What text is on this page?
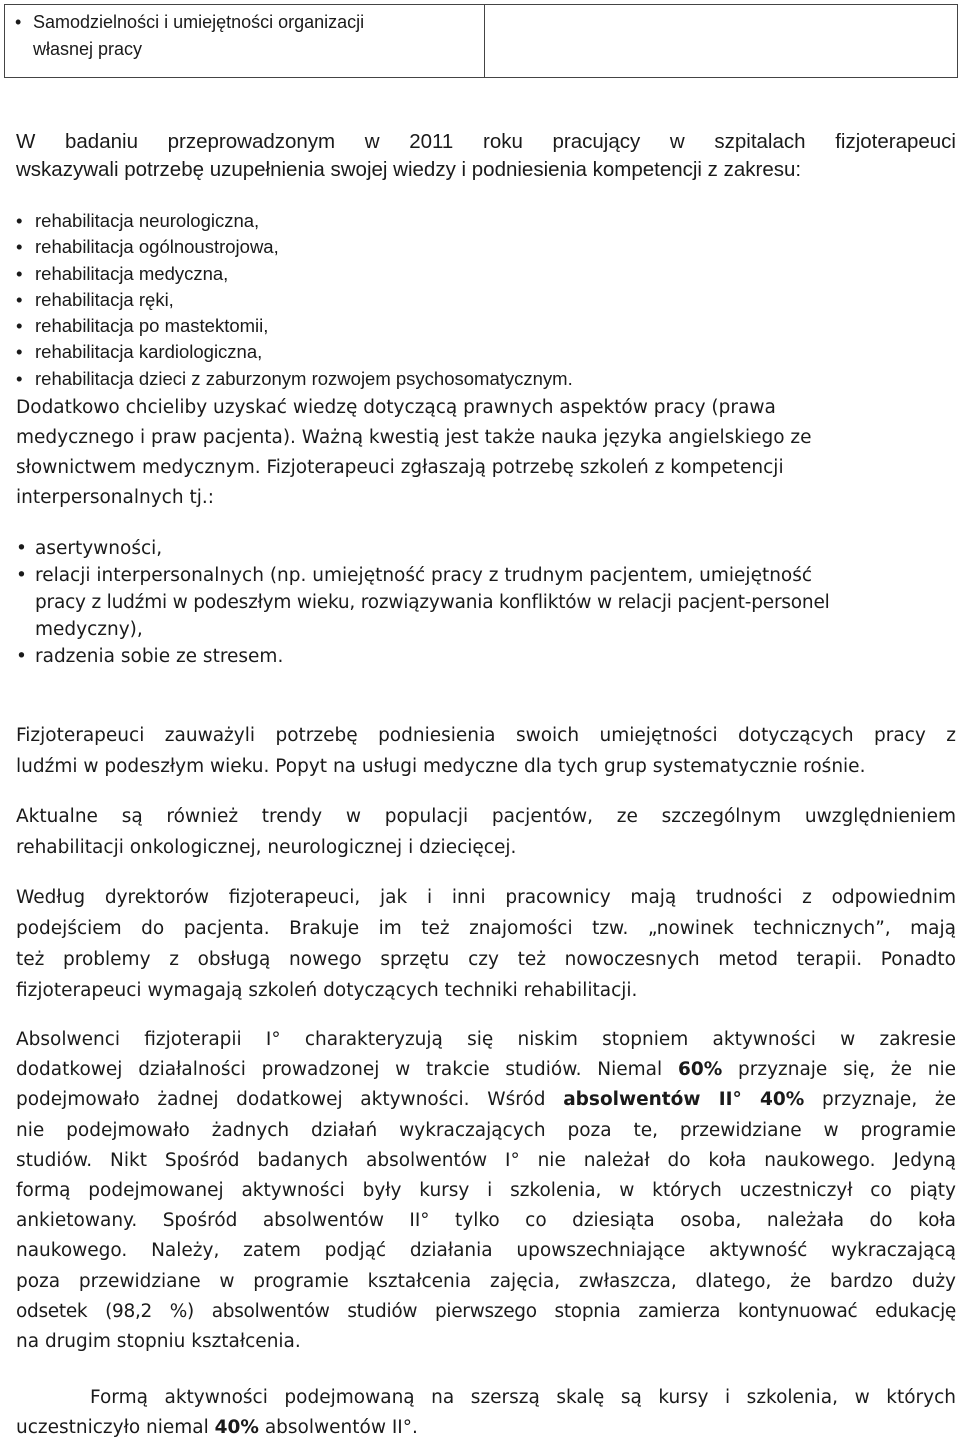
• Samodzielności i umiejętności organizacji
własnej pracy
W badaniu przeprowadzonym w 2011 roku pracujący w szpitalach fizjoterapeuci
wskazywali potrzebę uzupełnienia swojej wiedzy i podniesienia kompetencji z zakresu:
• rehabilitacja neurologiczna,
• rehabilitacja ogólnoustrojowa,
• rehabilitacja medyczna,
• rehabilitacja ręki,
• rehabilitacja po mastektomii,
• rehabilitacja kardiologiczna,
• rehabilitacja dzieci z zaburzonym rozwojem psychosomatycznym.
Dodatkowo chcieliby uzyskać wiedzę dotyczącą prawnych aspektów pracy (prawa
medycznego i praw pacjenta). Ważną kwestią jest także nauka języka angielskiego ze
słownictwem medycznym. Fizjoterapeuci zgłaszają potrzebę szkoleń z kompetencji
interpersonalnych tj.:
• asertywności,
• relacji interpersonalnych (np. umiejętność pracy z trudnym pacjentem, umiejętność
pracy z ludźmi w podeszłym wieku, rozwiązywania konfliktów w relacji pacjent-personel
medyczny),
• radzenia sobie ze stresem.
Fizjoterapeuci zauważyli potrzebę podniesienia swoich umiejętności dotyczących pracy z
ludźmi w podeszłym wieku. Popyt na usługi medyczne dla tych grup systematycznie rośnie.
Aktualne są również trendy w populacji pacjentów, ze szczególnym uwzględnieniem
rehabilitacji onkologicznej, neurologicznej i dziecięcej.
Według dyrektorów fizjoterapeuci, jak i inni pracownicy mają trudności z odpowiednim
podejściem do pacjenta. Brakuje im też znajomości tzw. „nowinek technicznych”, mają
też problemy z obsługą nowego sprzętu czy też nowoczesnych metod terapii. Ponadto
fizjoterapeuci wymagają szkoleń dotyczących techniki rehabilitacji.
Absolwenci fizjoterapii I° charakteryzują się niskim stopniem aktywności w zakresie
dodatkowej działalności prowadzonej w trakcie studiów. Niemal 60% przyznaje się, że nie
podejmowało żadnej dodatkowej aktywności. Wśród absolwentów II° 40% przyznaje, że
nie podejmowało żadnych działań wykraczających poza te, przewidziane w programie
studiów. Nikt Spośród badanych absolwentów I° nie należał do koła naukowego. Jedyną
formą podejmowanej aktywności były kursy i szkolenia, w których uczestniczył co piąty
ankietowany. Spośród absolwentów II° tylko co dziesiąta osoba, należała do koła
naukowego. Należy, zatem podjąć działania upowszechniające aktywność wykraczającą
poza przewidziane w programie kształcenia zajęcia, zwłaszcza, dlatego, że bardzo duży
odsetek (98,2 %) absolwentów studiów pierwszego stopnia zamierza kontynuować edukację
na drugim stopniu kształcenia.
Formą aktywności podejmowaną na szerszą skalę są kursy i szkolenia, w których
uczestniczyło niemal 40% absolwentów II°.
